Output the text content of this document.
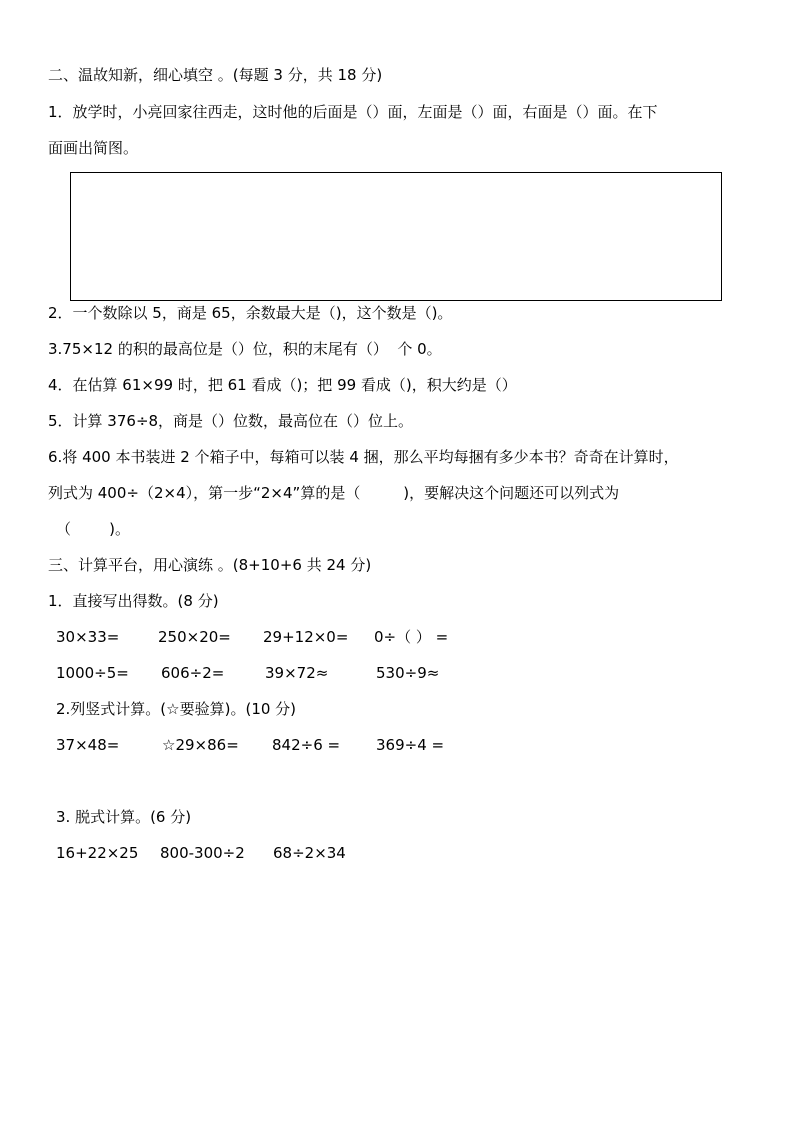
二、温故知新，细心填空 。(每题 3 分，共 18 分)
1．放学时，小亮回家往西走，这时他的后面是（）面，左面是（）面，右面是（）面。在下
面画出简图。
2．一个数除以 5，商是 65，余数最大是（)，这个数是（)。
3.75×12 的积的最高位是（）位，积的末尾有（）  个 0。
4．在估算 61×99 时，把 61 看成（)；把 99 看成（)，积大约是（）
5．计算 376÷8，商是（）位数，最高位在（）位上。
6.将 400 本书装进 2 个箱子中，每箱可以装 4 捆，那么平均每捆有多少本书？奇奇在计算时，
列式为 400÷（2×4），第一步“2×4”算的是（         )，要解决这个问题还可以列式为
（        )。
三、计算平台，用心演练 。(8+10+6 共 24 分)
1．直接写出得数。(8 分)
30×33=	250×20= 29+12×0= 0÷（ ） =
1000÷5= 606÷2=	39×72≈	530÷9≈
2.列竖式计算。(☆要验算)。(10 分)
37×48=	☆29×86= 842÷6 = 369÷4 =
3. 脱式计算。(6 分)
16+22×25 800-300÷2 68÷2×34
